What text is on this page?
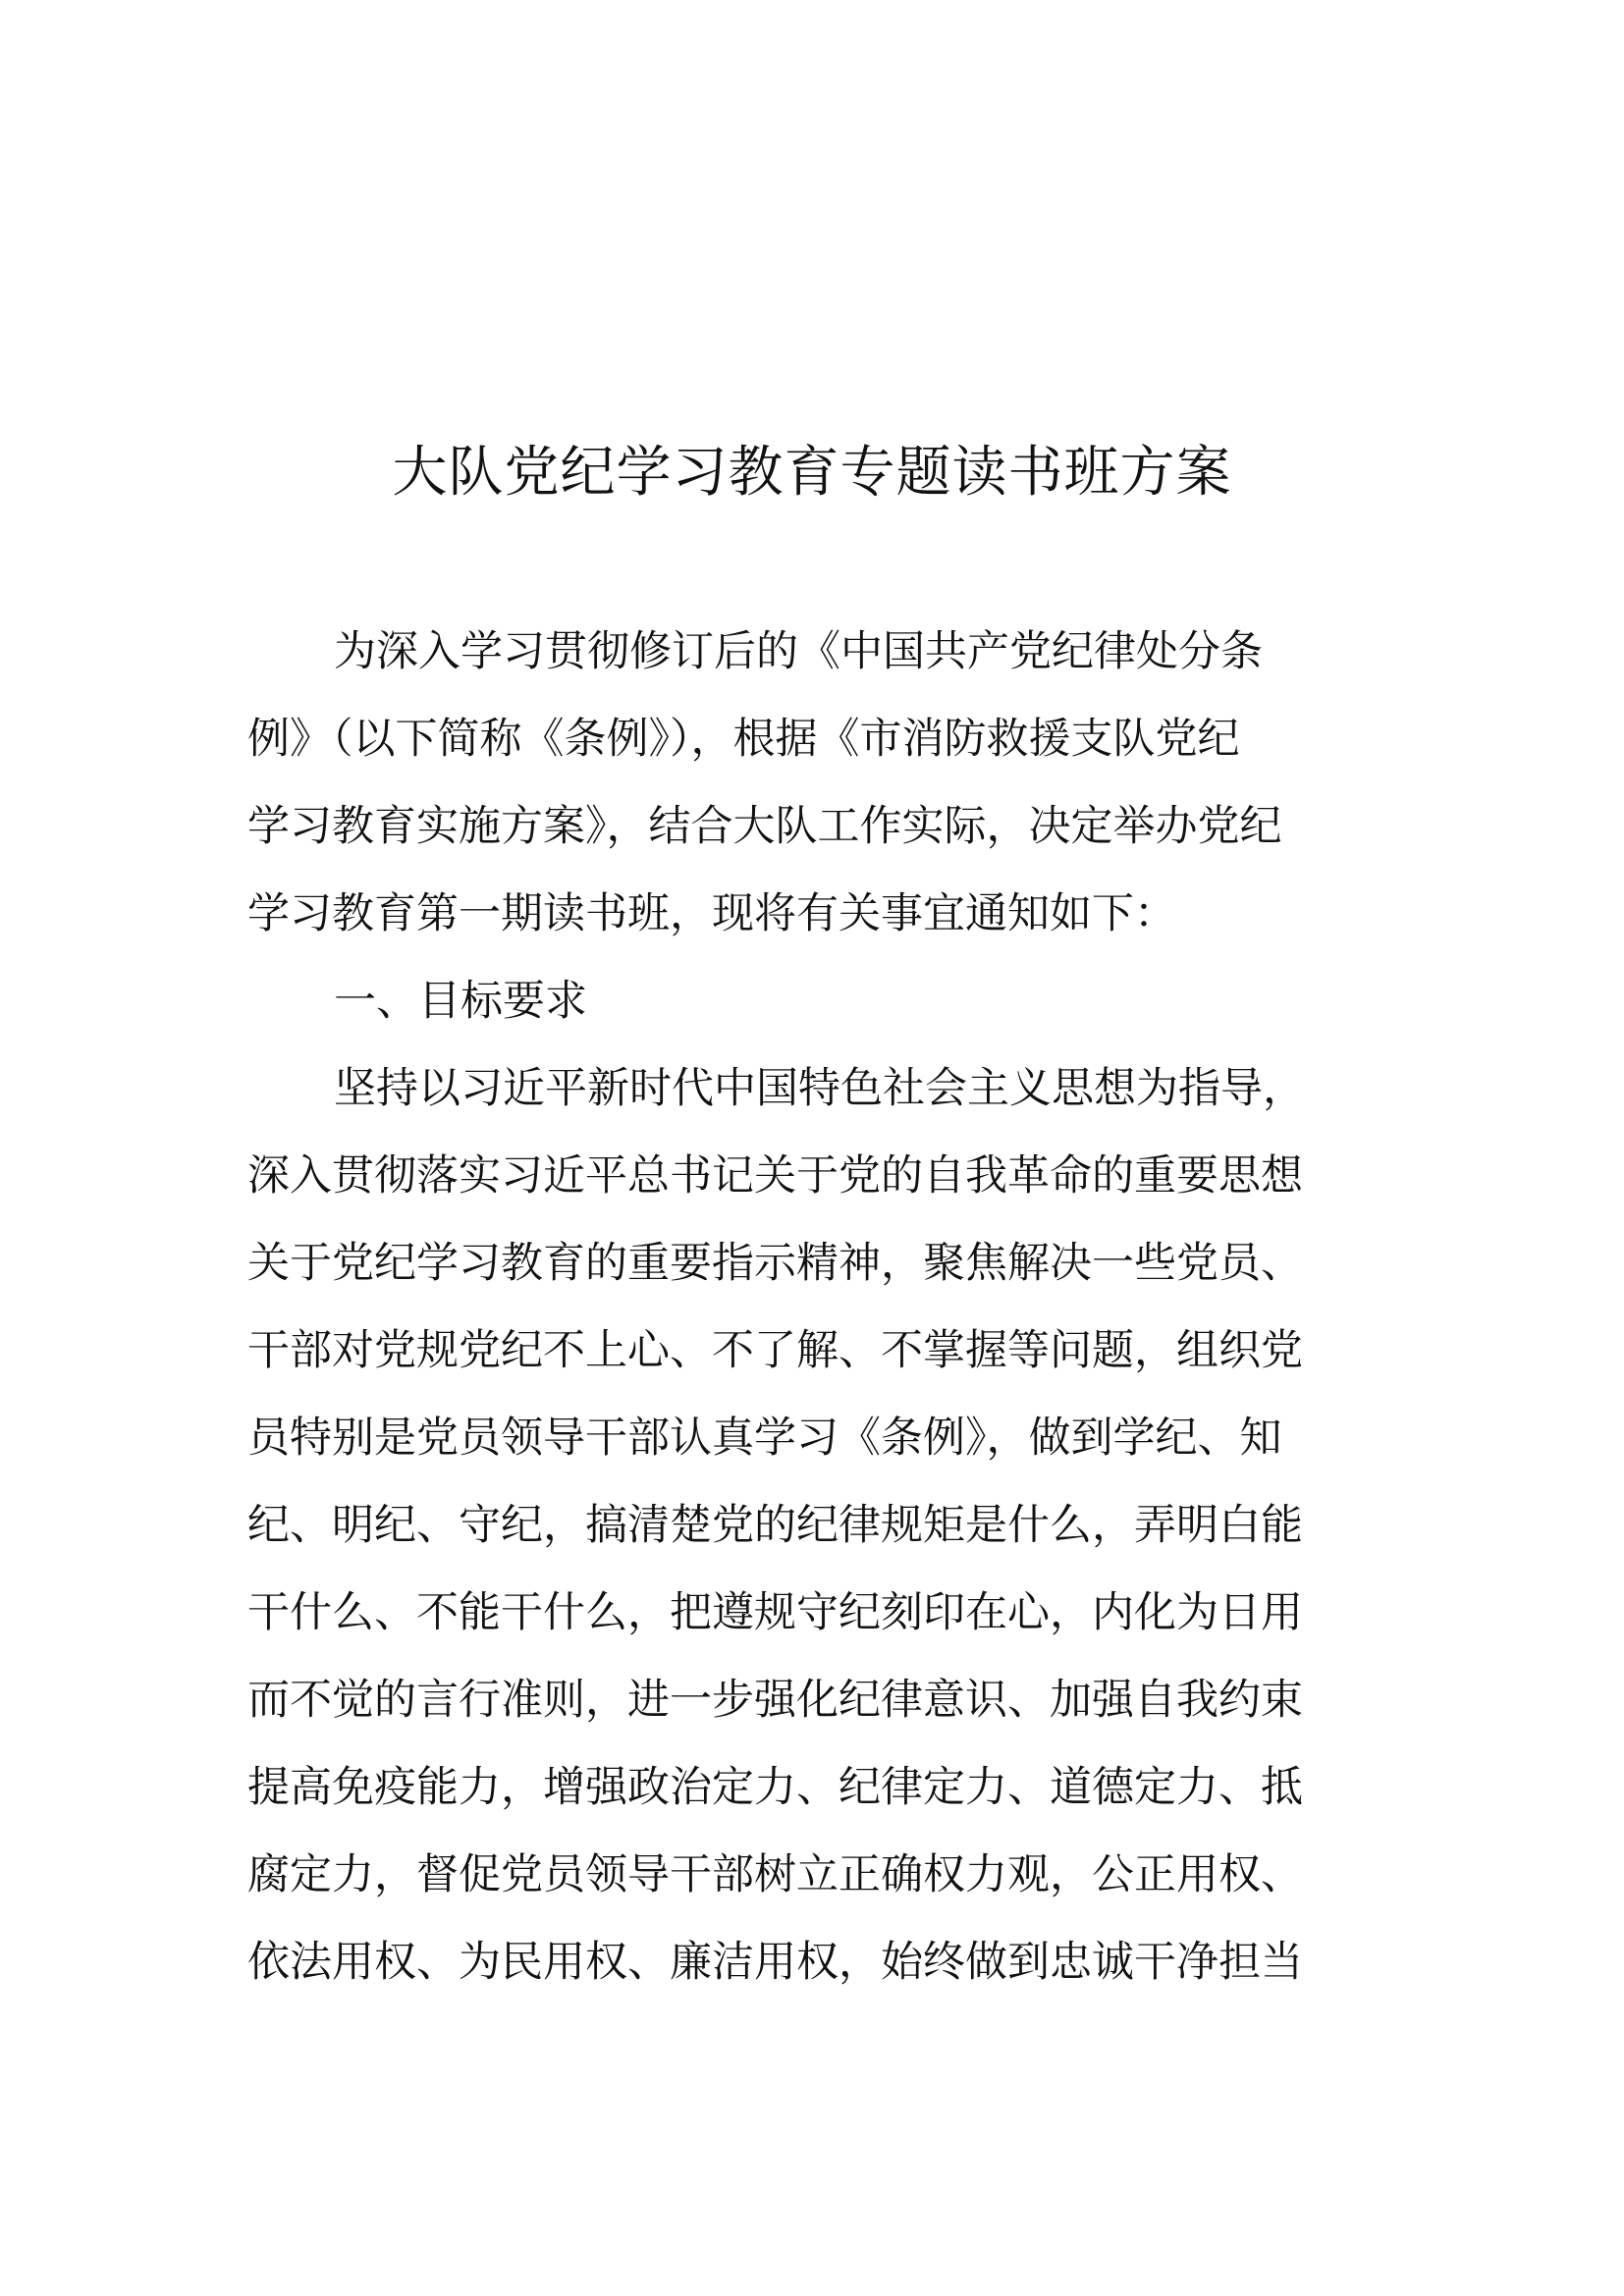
大队党纪学习教育专题读书班方案
为深入学习贯彻修订后的《中国共产党纪律处分条
例》（以下简称《条例》），根据《市消防救援支队党纪
学习教育实施方案》，结合大队工作实际，决定举办党纪
学习教育第一期读书班，现将有关事宜通知如下：
一、目标要求
坚持以习近平新时代中国特色社会主义思想为指导，
深入贯彻落实习近平总书记关于党的自我革命的重要思想
关于党纪学习教育的重要指示精神，聚焦解决一些党员、
干部对党规党纪不上心、不了解、不掌握等问题，组织党
员特别是党员领导干部认真学习《条例》，做到学纪、知
纪、明纪、守纪，搞清楚党的纪律规矩是什么，弄明白能
干什么、不能干什么，把遵规守纪刻印在心，内化为日用
而不觉的言行准则，进一步强化纪律意识、加强自我约束
提高免疫能力，增强政治定力、纪律定力、道德定力、抵
腐定力，督促党员领导干部树立正确权力观，公正用权、
依法用权、为民用权、廉洁用权，始终做到忠诚干净担当
